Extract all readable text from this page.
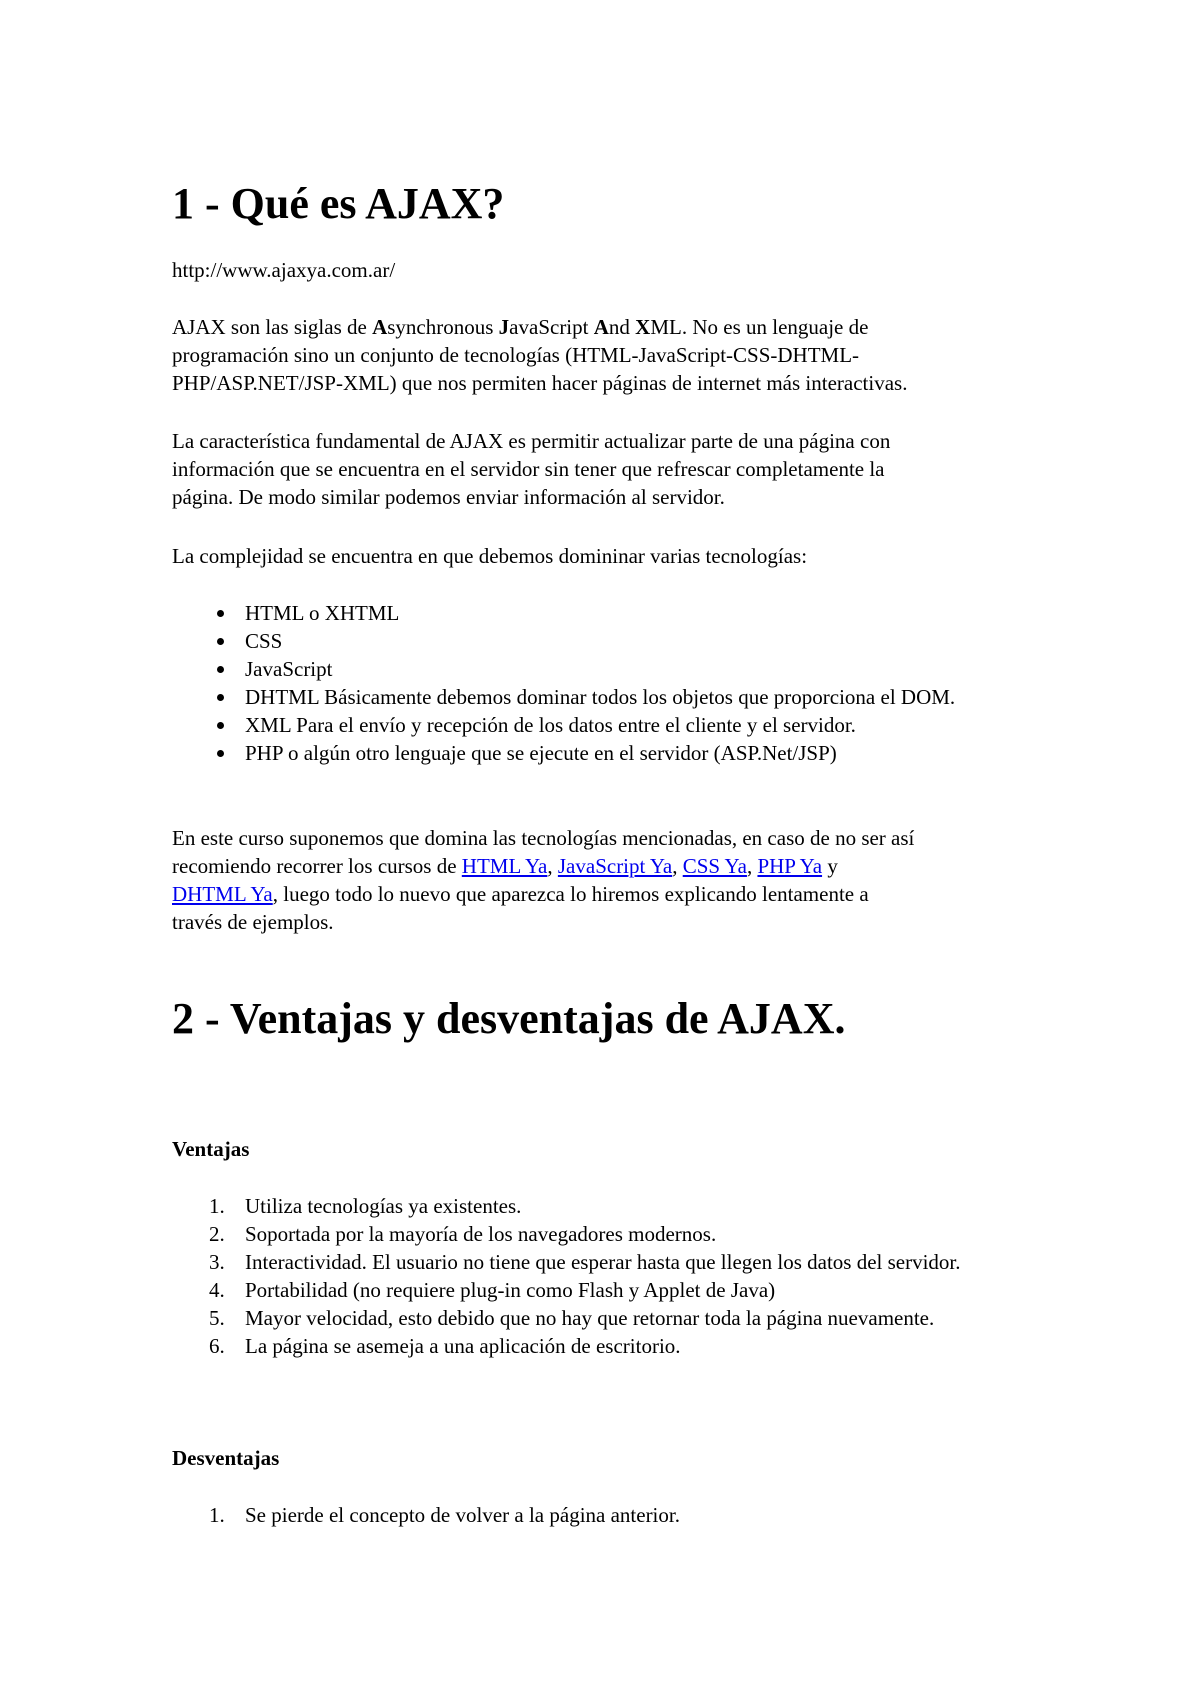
1 - Qué es AJAX?
http://www.ajaxya.com.ar/
AJAX son las siglas de Asynchronous JavaScript And XML. No es un lenguaje de
programación sino un conjunto de tecnologías (HTML-JavaScript-CSS-DHTML-
PHP/ASP.NET/JSP-XML) que nos permiten hacer páginas de internet más interactivas.
La característica fundamental de AJAX es permitir actualizar parte de una página con
información que se encuentra en el servidor sin tener que refrescar completamente la
página. De modo similar podemos enviar información al servidor.
La complejidad se encuentra en que debemos domininar varias tecnologías:
HTML o XHTML
CSS
JavaScript
DHTML Básicamente debemos dominar todos los objetos que proporciona el DOM.
XML Para el envío y recepción de los datos entre el cliente y el servidor.
PHP o algún otro lenguaje que se ejecute en el servidor (ASP.Net/JSP)
En este curso suponemos que domina las tecnologías mencionadas, en caso de no ser así
recomiendo recorrer los cursos de HTML Ya, JavaScript Ya, CSS Ya, PHP Ya y
DHTML Ya, luego todo lo nuevo que aparezca lo hiremos explicando lentamente a
través de ejemplos.
2 - Ventajas y desventajas de AJAX.
Ventajas
1. Utiliza tecnologías ya existentes.
2. Soportada por la mayoría de los navegadores modernos.
3. Interactividad. El usuario no tiene que esperar hasta que llegen los datos del servidor.
4. Portabilidad (no requiere plug-in como Flash y Applet de Java)
5. Mayor velocidad, esto debido que no hay que retornar toda la página nuevamente.
6. La página se asemeja a una aplicación de escritorio.
Desventajas
1. Se pierde el concepto de volver a la página anterior.
